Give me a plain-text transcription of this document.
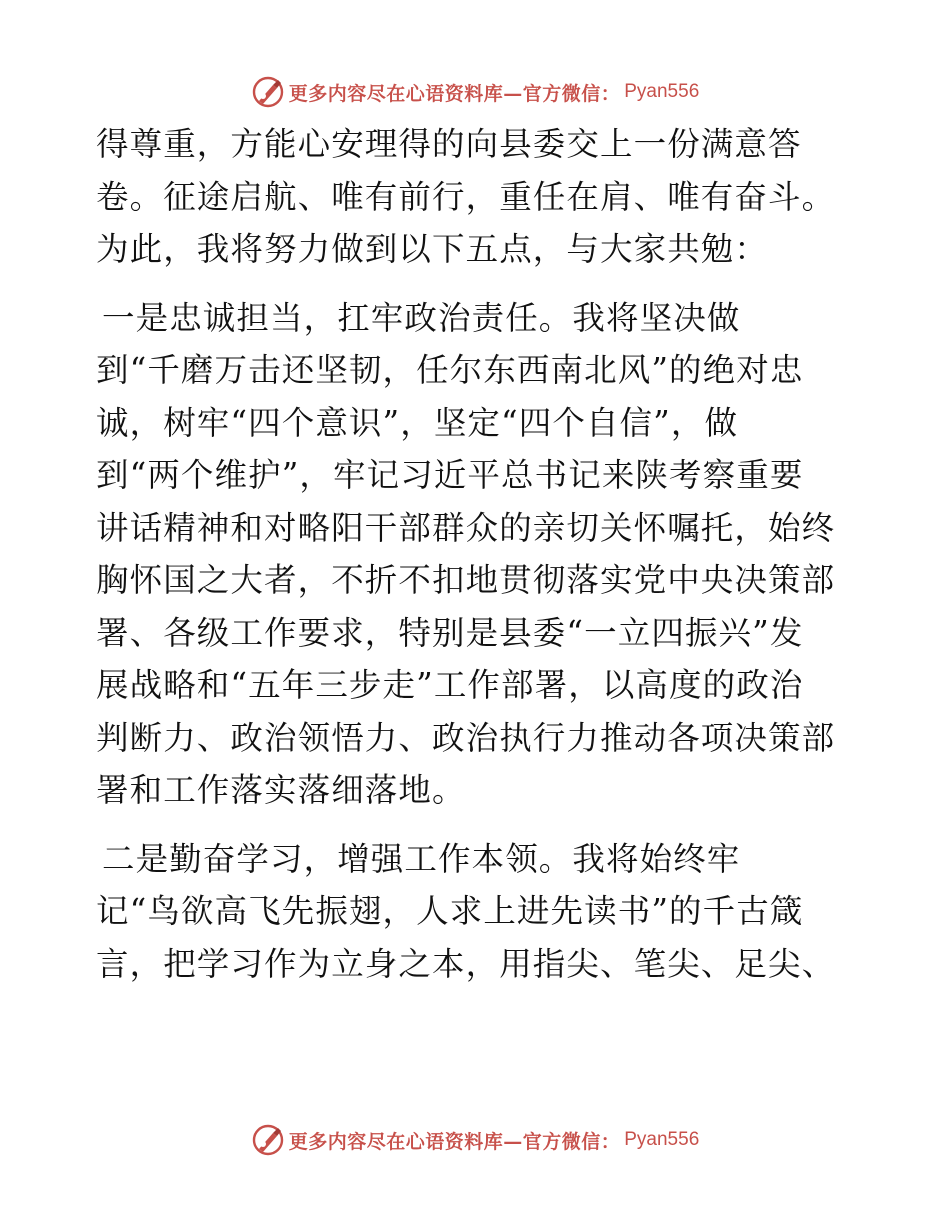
更多内容尽在心语资料库—官方微信： Pyan556
得尊重，方能心安理得的向县委交上一份满意答
卷。征途启航、唯有前行，重任在肩、唯有奋斗。
为此，我将努力做到以下五点，与大家共勉：
一是忠诚担当，扛牢政治责任。我将坚决做
到“千磨万击还坚韧，任尔东西南北风”的绝对忠
诚，树牢“四个意识”，坚定“四个自信”，做
到“两个维护”，牢记习近平总书记来陕考察重要
讲话精神和对略阳干部群众的亲切关怀嘱托，始终
胸怀国之大者，不折不扣地贯彻落实党中央决策部
署、各级工作要求，特别是县委“一立四振兴”发
展战略和“五年三步走”工作部署，以高度的政治
判断力、政治领悟力、政治执行力推动各项决策部
署和工作落实落细落地。
二是勤奋学习，增强工作本领。我将始终牢
记“鸟欲高飞先振翅，人求上进先读书”的千古箴
言，把学习作为立身之本，用指尖、笔尖、足尖、
更多内容尽在心语资料库—官方微信： Pyan556
